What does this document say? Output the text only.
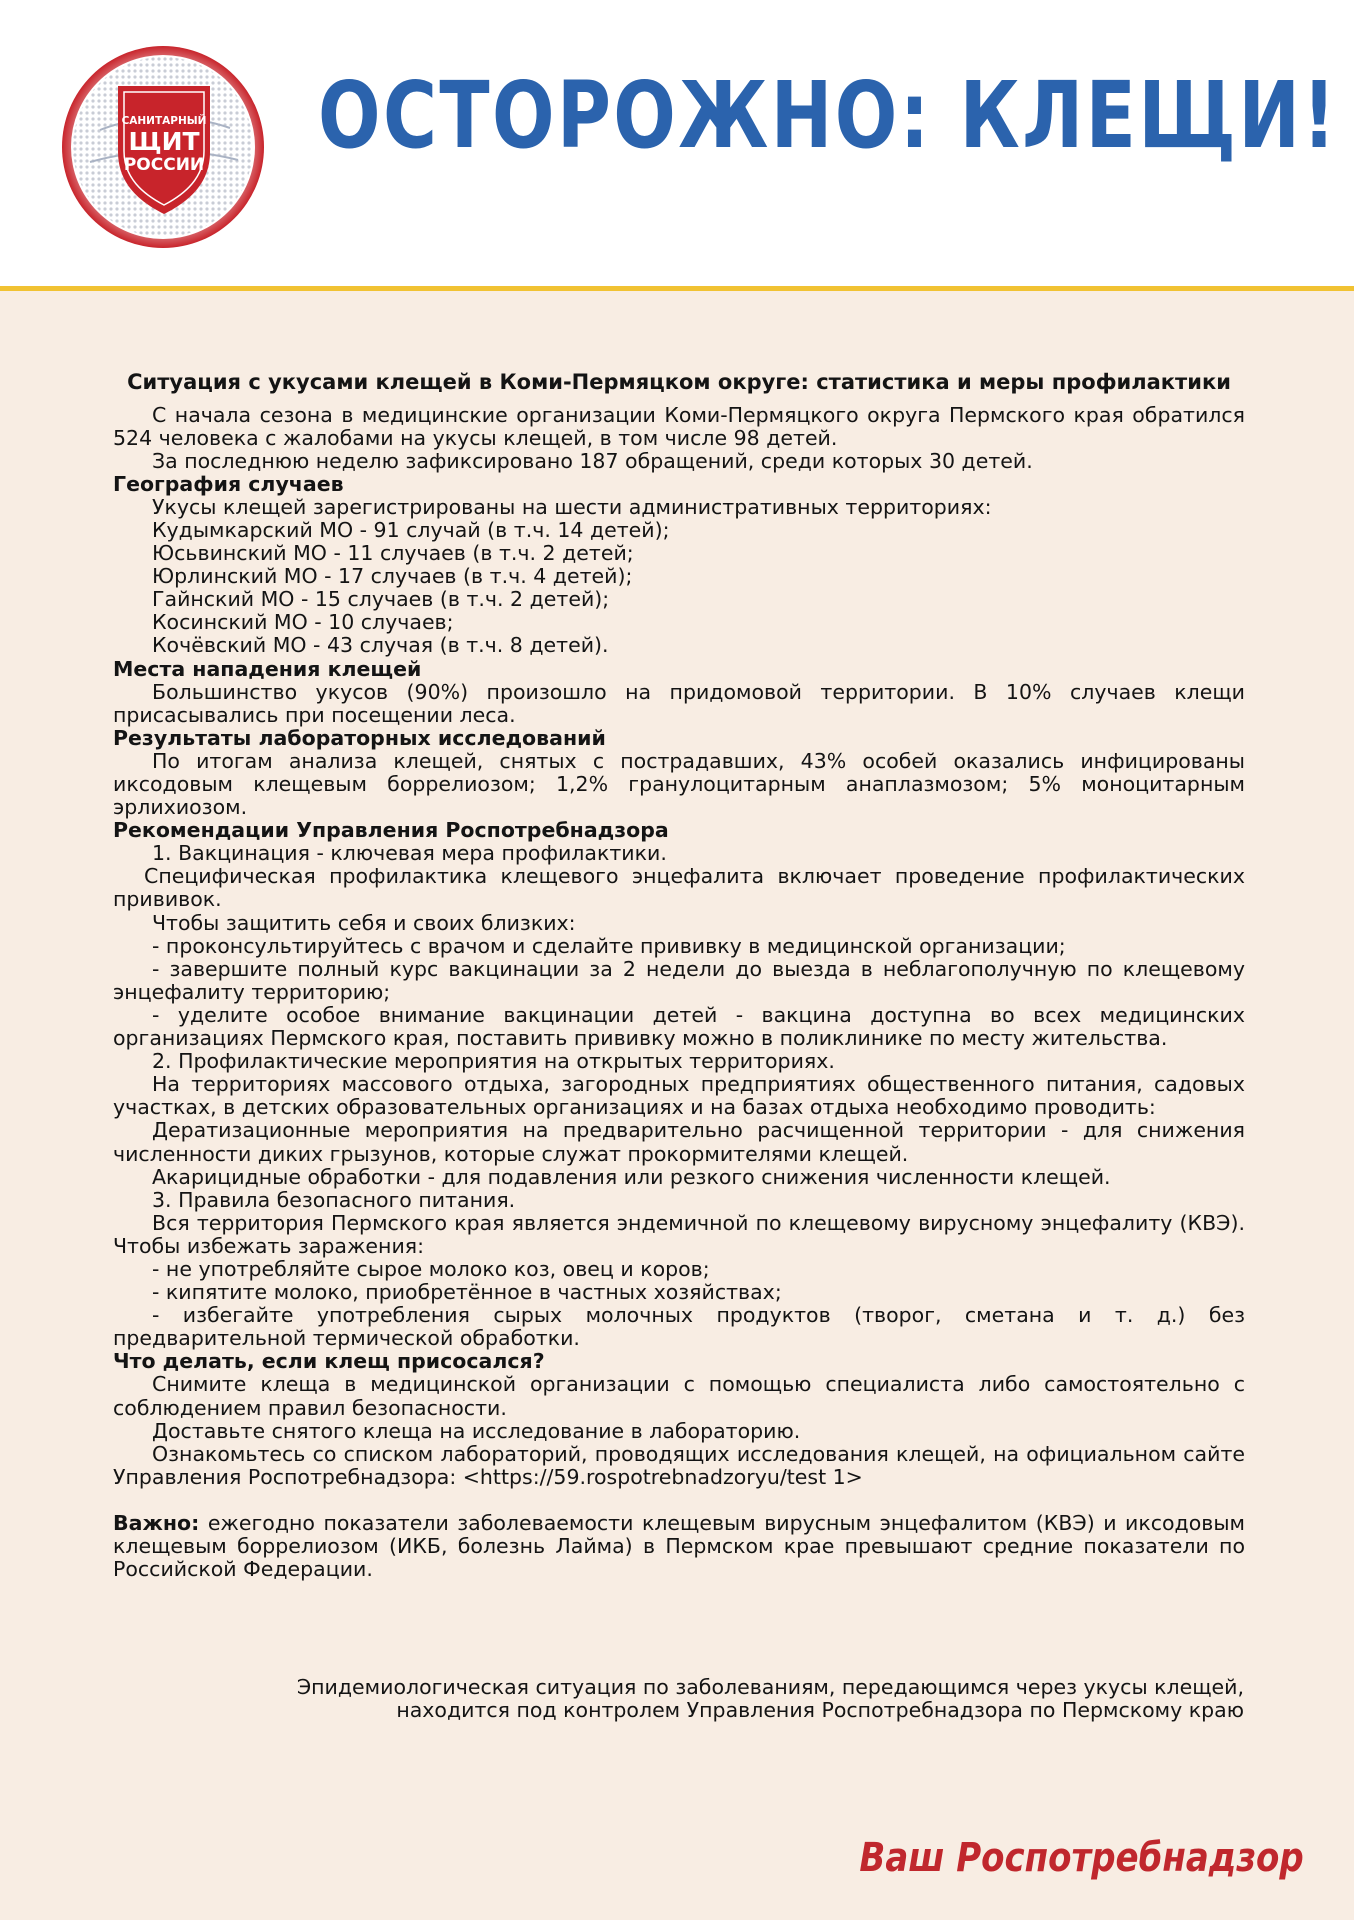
САНИТАРНЫЙ
ЩИТ
РОССИИ ОСТОРОЖНО: КЛЕЩИ!
Ситуация с укусами клещей в Коми-Пермяцком округе: статистика и меры профилактики

С начала сезона в медицинские организации Коми-Пермяцкого округа Пермского края обратился 524 человека с жалобами на укусы клещей, в том числе 98 детей.

За последнюю неделю зафиксировано 187 обращений, среди которых 30 детей.

География случаев

Укусы клещей зарегистрированы на шести административных территориях:

Кудымкарский МО - 91 случай (в т.ч. 14 детей);

Юсьвинский МО - 11 случаев (в т.ч. 2 детей;

Юрлинский МО - 17 случаев (в т.ч. 4 детей);

Гайнский МО - 15 случаев (в т.ч. 2 детей);

Косинский МО - 10 случаев;

Кочёвский МО - 43 случая (в т.ч. 8 детей).

Места нападения клещей

Большинство укусов (90%) произошло на придомовой территории. В 10% случаев клещи присасывались при посещении леса.

Результаты лабораторных исследований

По итогам анализа клещей, снятых с пострадавших, 43% особей оказались инфицированы иксодовым клещевым боррелиозом; 1,2% гранулоцитарным анаплазмозом; 5% моноцитарным эрлихиозом.

Рекомендации Управления Роспотребнадзора

1. Вакцинация - ключевая мера профилактики.

Специфическая профилактика клещевого энцефалита включает проведение профилактических прививок.

Чтобы защитить себя и своих близких:

- проконсультируйтесь с врачом и сделайте прививку в медицинской организации;

- завершите полный курс вакцинации за 2 недели до выезда в неблагополучную по клещевому энцефалиту территорию;

- уделите особое внимание вакцинации детей - вакцина доступна во всех медицинских организациях Пермского края, поставить прививку можно в поликлинике по месту жительства.

2. Профилактические мероприятия на открытых территориях.

На территориях массового отдыха, загородных предприятиях общественного питания, садовых участках, в детских образовательных организациях и на базах отдыха необходимо проводить:

Дератизационные мероприятия на предварительно расчищенной территории - для снижения численности диких грызунов, которые служат прокормителями клещей.

Акарицидные обработки - для подавления или резкого снижения численности клещей.

3. Правила безопасного питания.

Вся территория Пермского края является эндемичной по клещевому вирусному энцефалиту (КВЭ). Чтобы избежать заражения:

- не употребляйте сырое молоко коз, овец и коров;

- кипятите молоко, приобретённое в частных хозяйствах;

- избегайте употребления сырых молочных продуктов (творог, сметана и т. д.) без предварительной термической обработки.

Что делать, если клещ присосался?

Снимите клеща в медицинской организации с помощью специалиста либо самостоятельно с соблюдением правил безопасности.

Доставьте снятого клеща на исследование в лабораторию.

Ознакомьтесь со списком лабораторий, проводящих исследования клещей, на официальном сайте Управления Роспотребнадзора: <https://59.rospotrebnadzoryu/test 1>

Важно: ежегодно показатели заболеваемости клещевым вирусным энцефалитом (КВЭ) и иксодовым клещевым боррелиозом (ИКБ, болезнь Лайма) в Пермском крае превышают средние показатели по Российской Федерации.

Эпидемиологическая ситуация по заболеваниям, передающимся через укусы клещей,
находится под контролем Управления Роспотребнадзора по Пермскому краю
Ваш Роспотребнадзор
